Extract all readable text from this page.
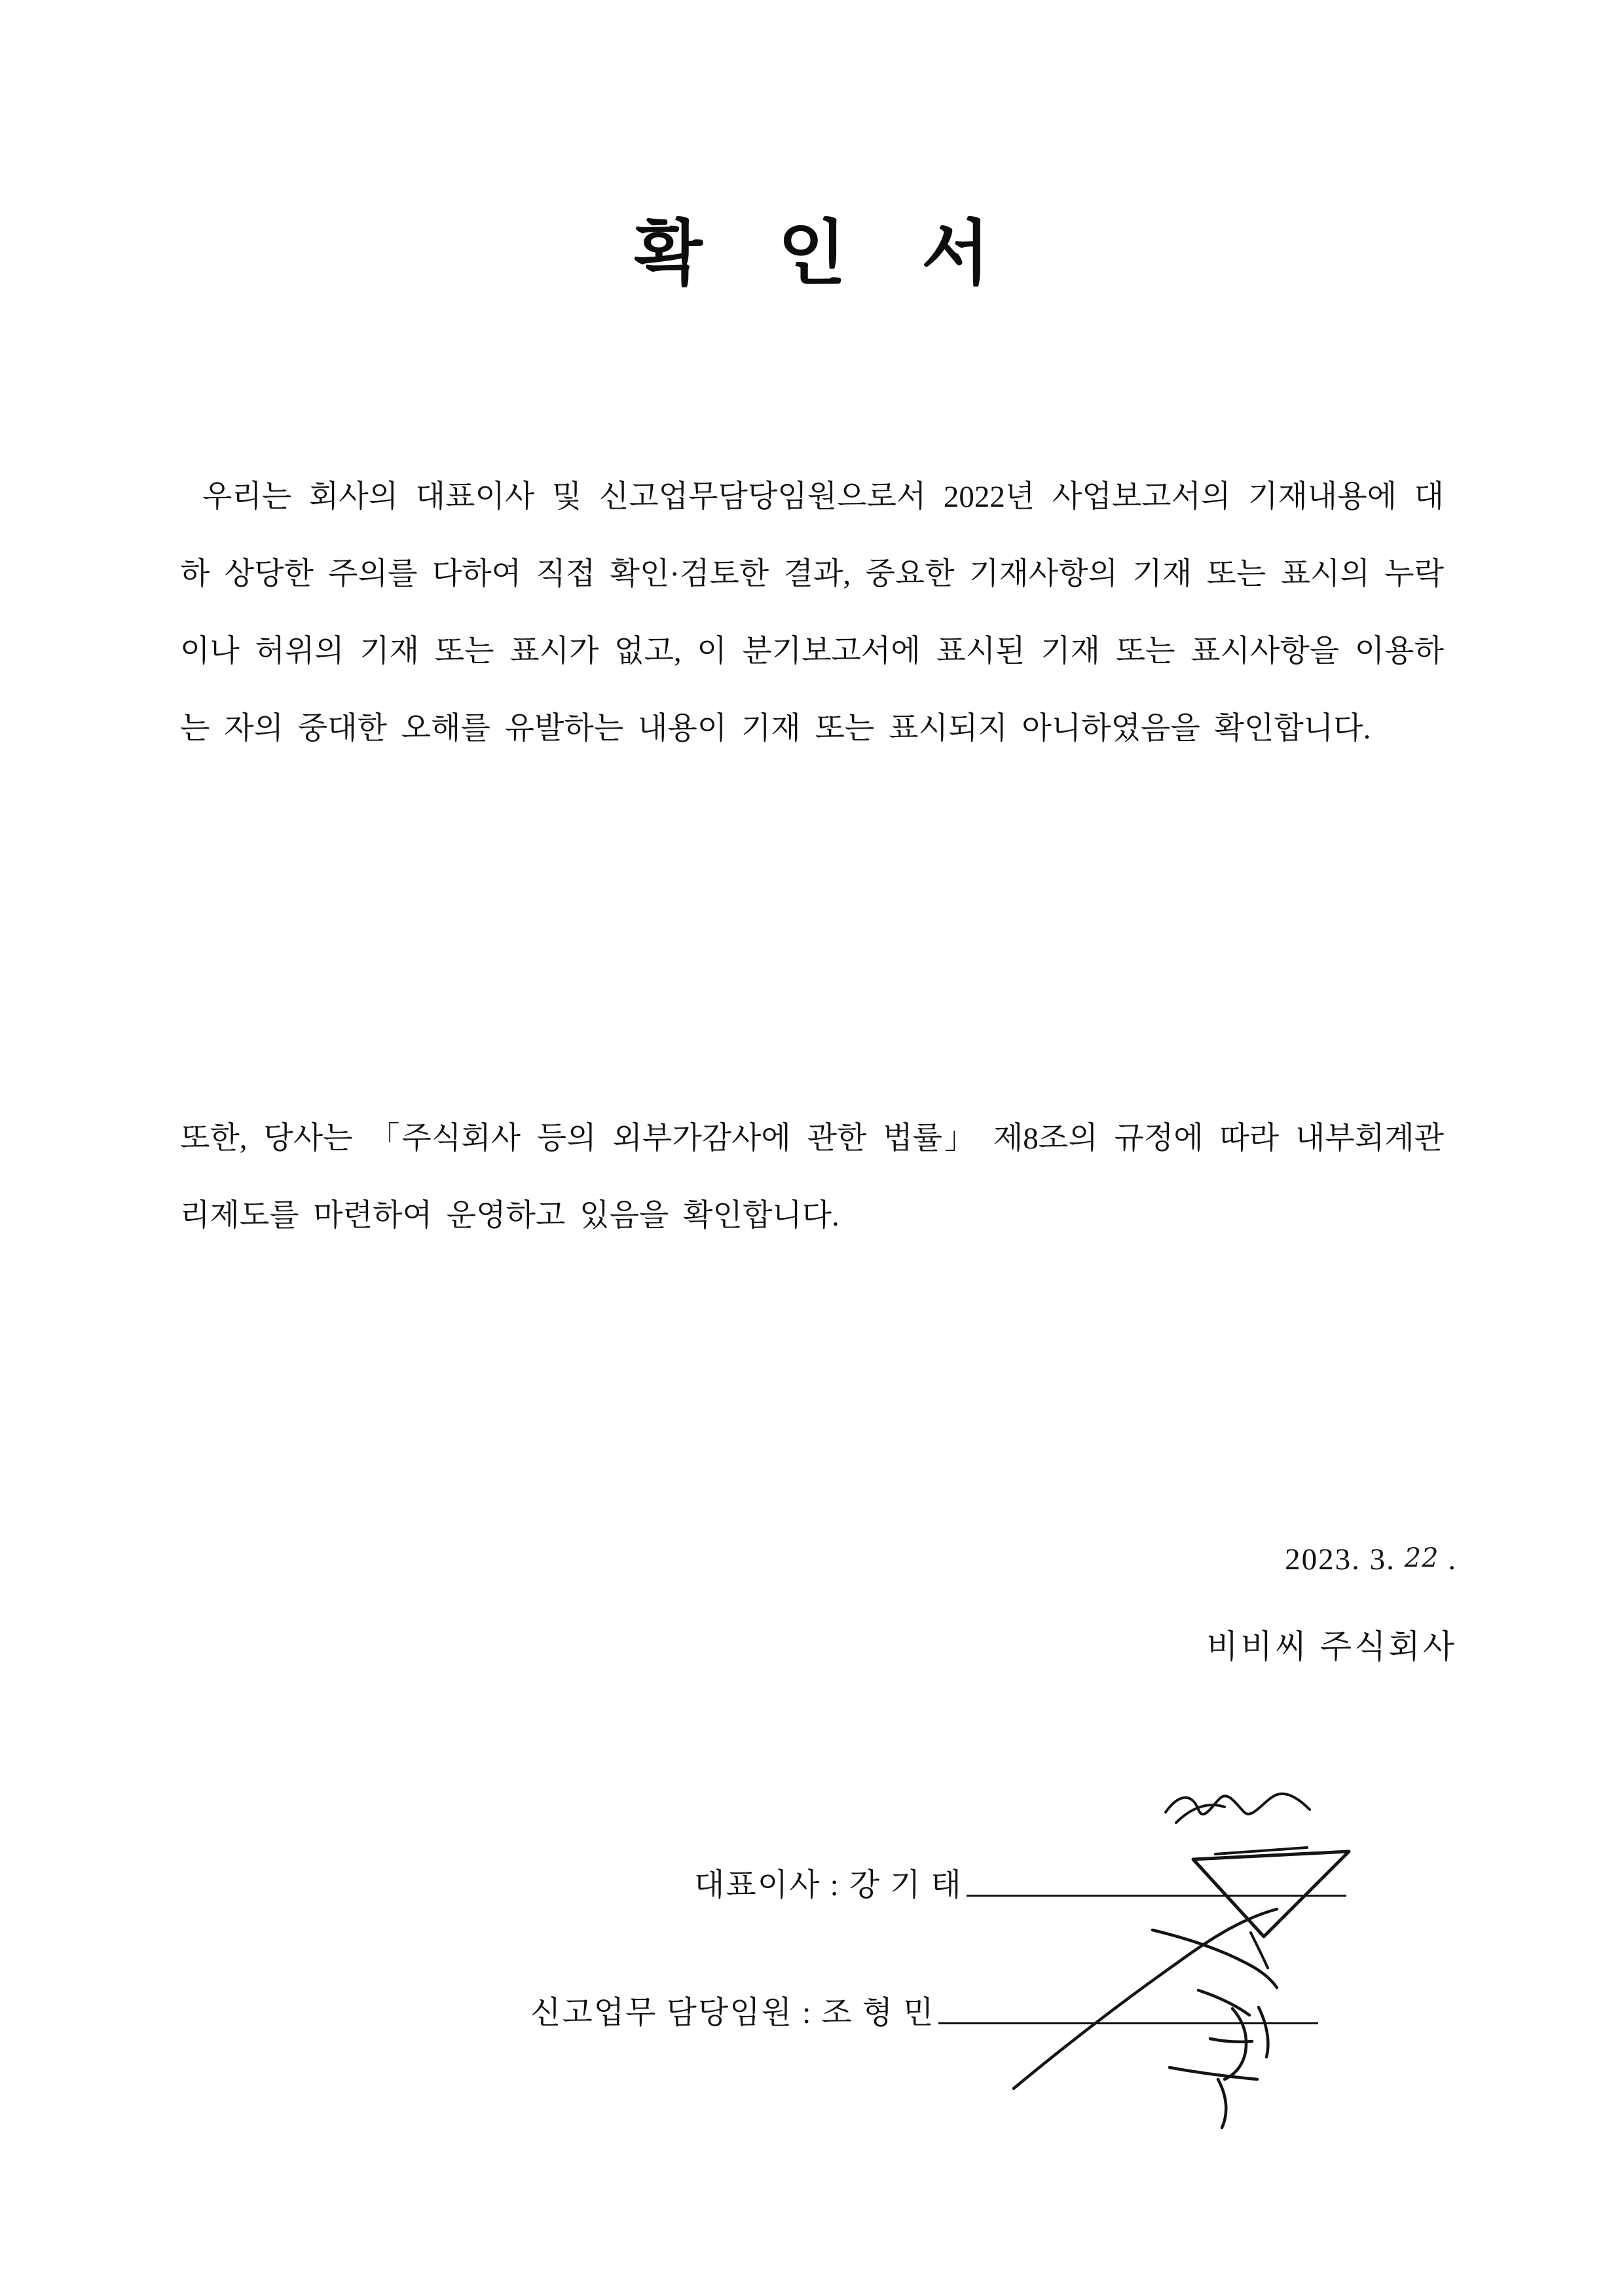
확 인 서
우리는 회사의 대표이사 및 신고업무담당임원으로서 2022년 사업보고서의 기재내용에 대하 상당한 주의를 다하여 직접 확인·검토한 결과, 중요한 기재사항의 기재 또는 표시의 누락이나 허위의 기재 또는 표시가 없고, 이 분기보고서에 표시된 기재 또는 표시사항을 이용하는 자의 중대한 오해를 유발하는 내용이 기재 또는 표시되지 아니하였음을 확인합니다.
또한, 당사는 「주식회사 등의 외부가감사에 관한 법률」 제8조의 규정에 따라 내부회계관리제도를 마련하여 운영하고 있음을 확인합니다.
2023. 3. 22 .
비비씨 주식회사
대표이사 : 강 기 태
신고업무 담당임원 : 조 형 민
